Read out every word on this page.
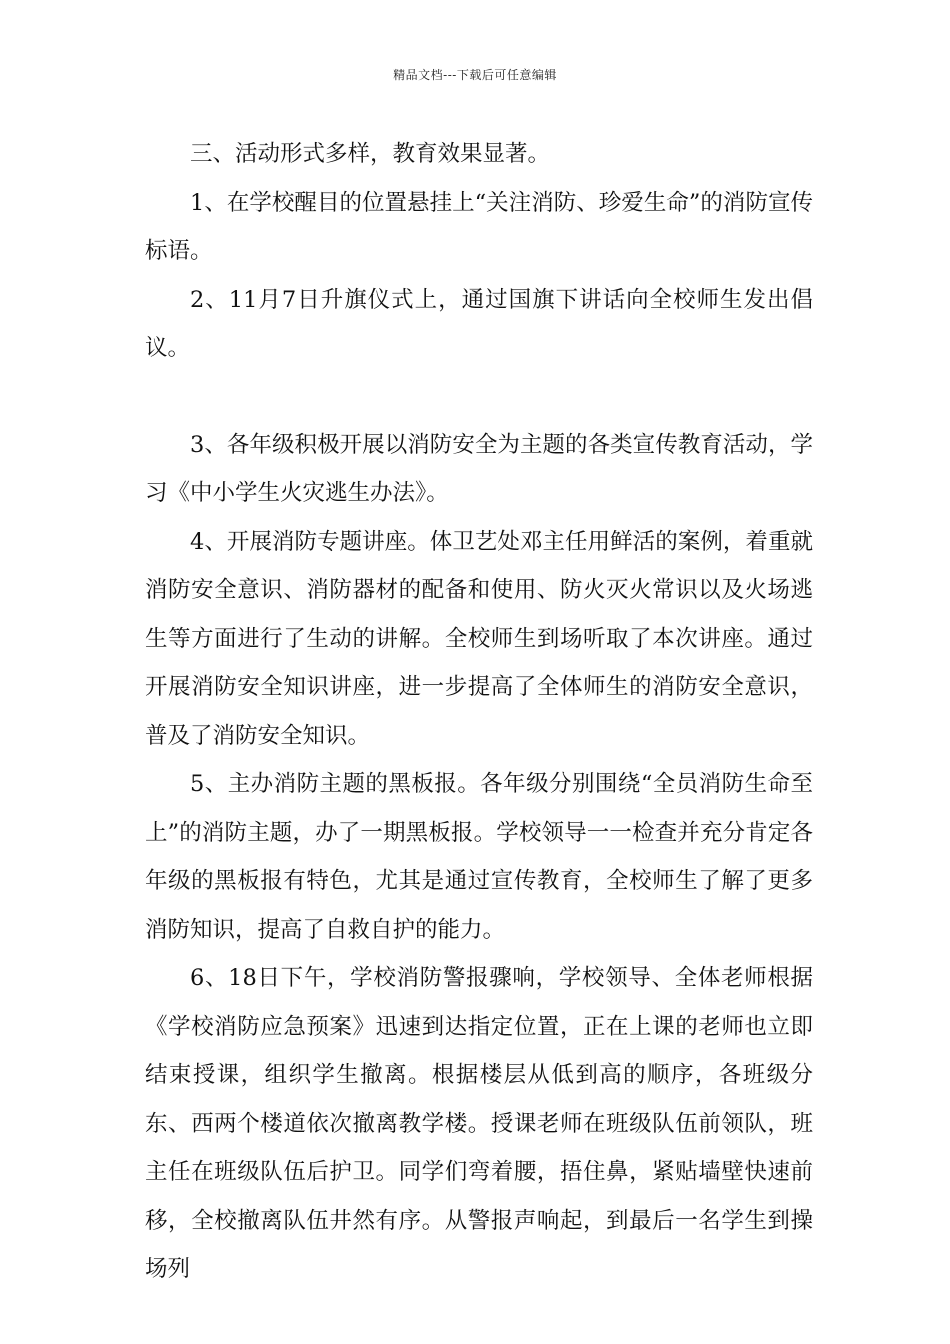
精品文档---下载后可任意编辑

三、活动形式多样，教育效果显著。

1、在学校醒目的位置悬挂上“关注消防、珍爱生命”的消防宣传标语。

2、11月7日升旗仪式上，通过国旗下讲话向全校师生发出倡议。

3、各年级积极开展以消防安全为主题的各类宣传教育活动，学习《中小学生火灾逃生办法》。

4、开展消防专题讲座。体卫艺处邓主任用鲜活的案例，着重就消防安全意识、消防器材的配备和使用、防火灭火常识以及火场逃生等方面进行了生动的讲解。全校师生到场听取了本次讲座。通过开展消防安全知识讲座，进一步提高了全体师生的消防安全意识，普及了消防安全知识。

5、主办消防主题的黑板报。各年级分别围绕“全员消防生命至上”的消防主题，办了一期黑板报。学校领导一一检查并充分肯定各年级的黑板报有特色，尤其是通过宣传教育，全校师生了解了更多消防知识，提高了自救自护的能力。

6、18日下午，学校消防警报骤响，学校领导、全体老师根据《学校消防应急预案》迅速到达指定位置，正在上课的老师也立即结束授课，组织学生撤离。根据楼层从低到高的顺序，各班级分东、西两个楼道依次撤离教学楼。授课老师在班级队伍前领队，班主任在班级队伍后护卫。同学们弯着腰，捂住鼻，紧贴墙壁快速前移，全校撤离队伍井然有序。从警报声响起，到最后一名学生到操场列
